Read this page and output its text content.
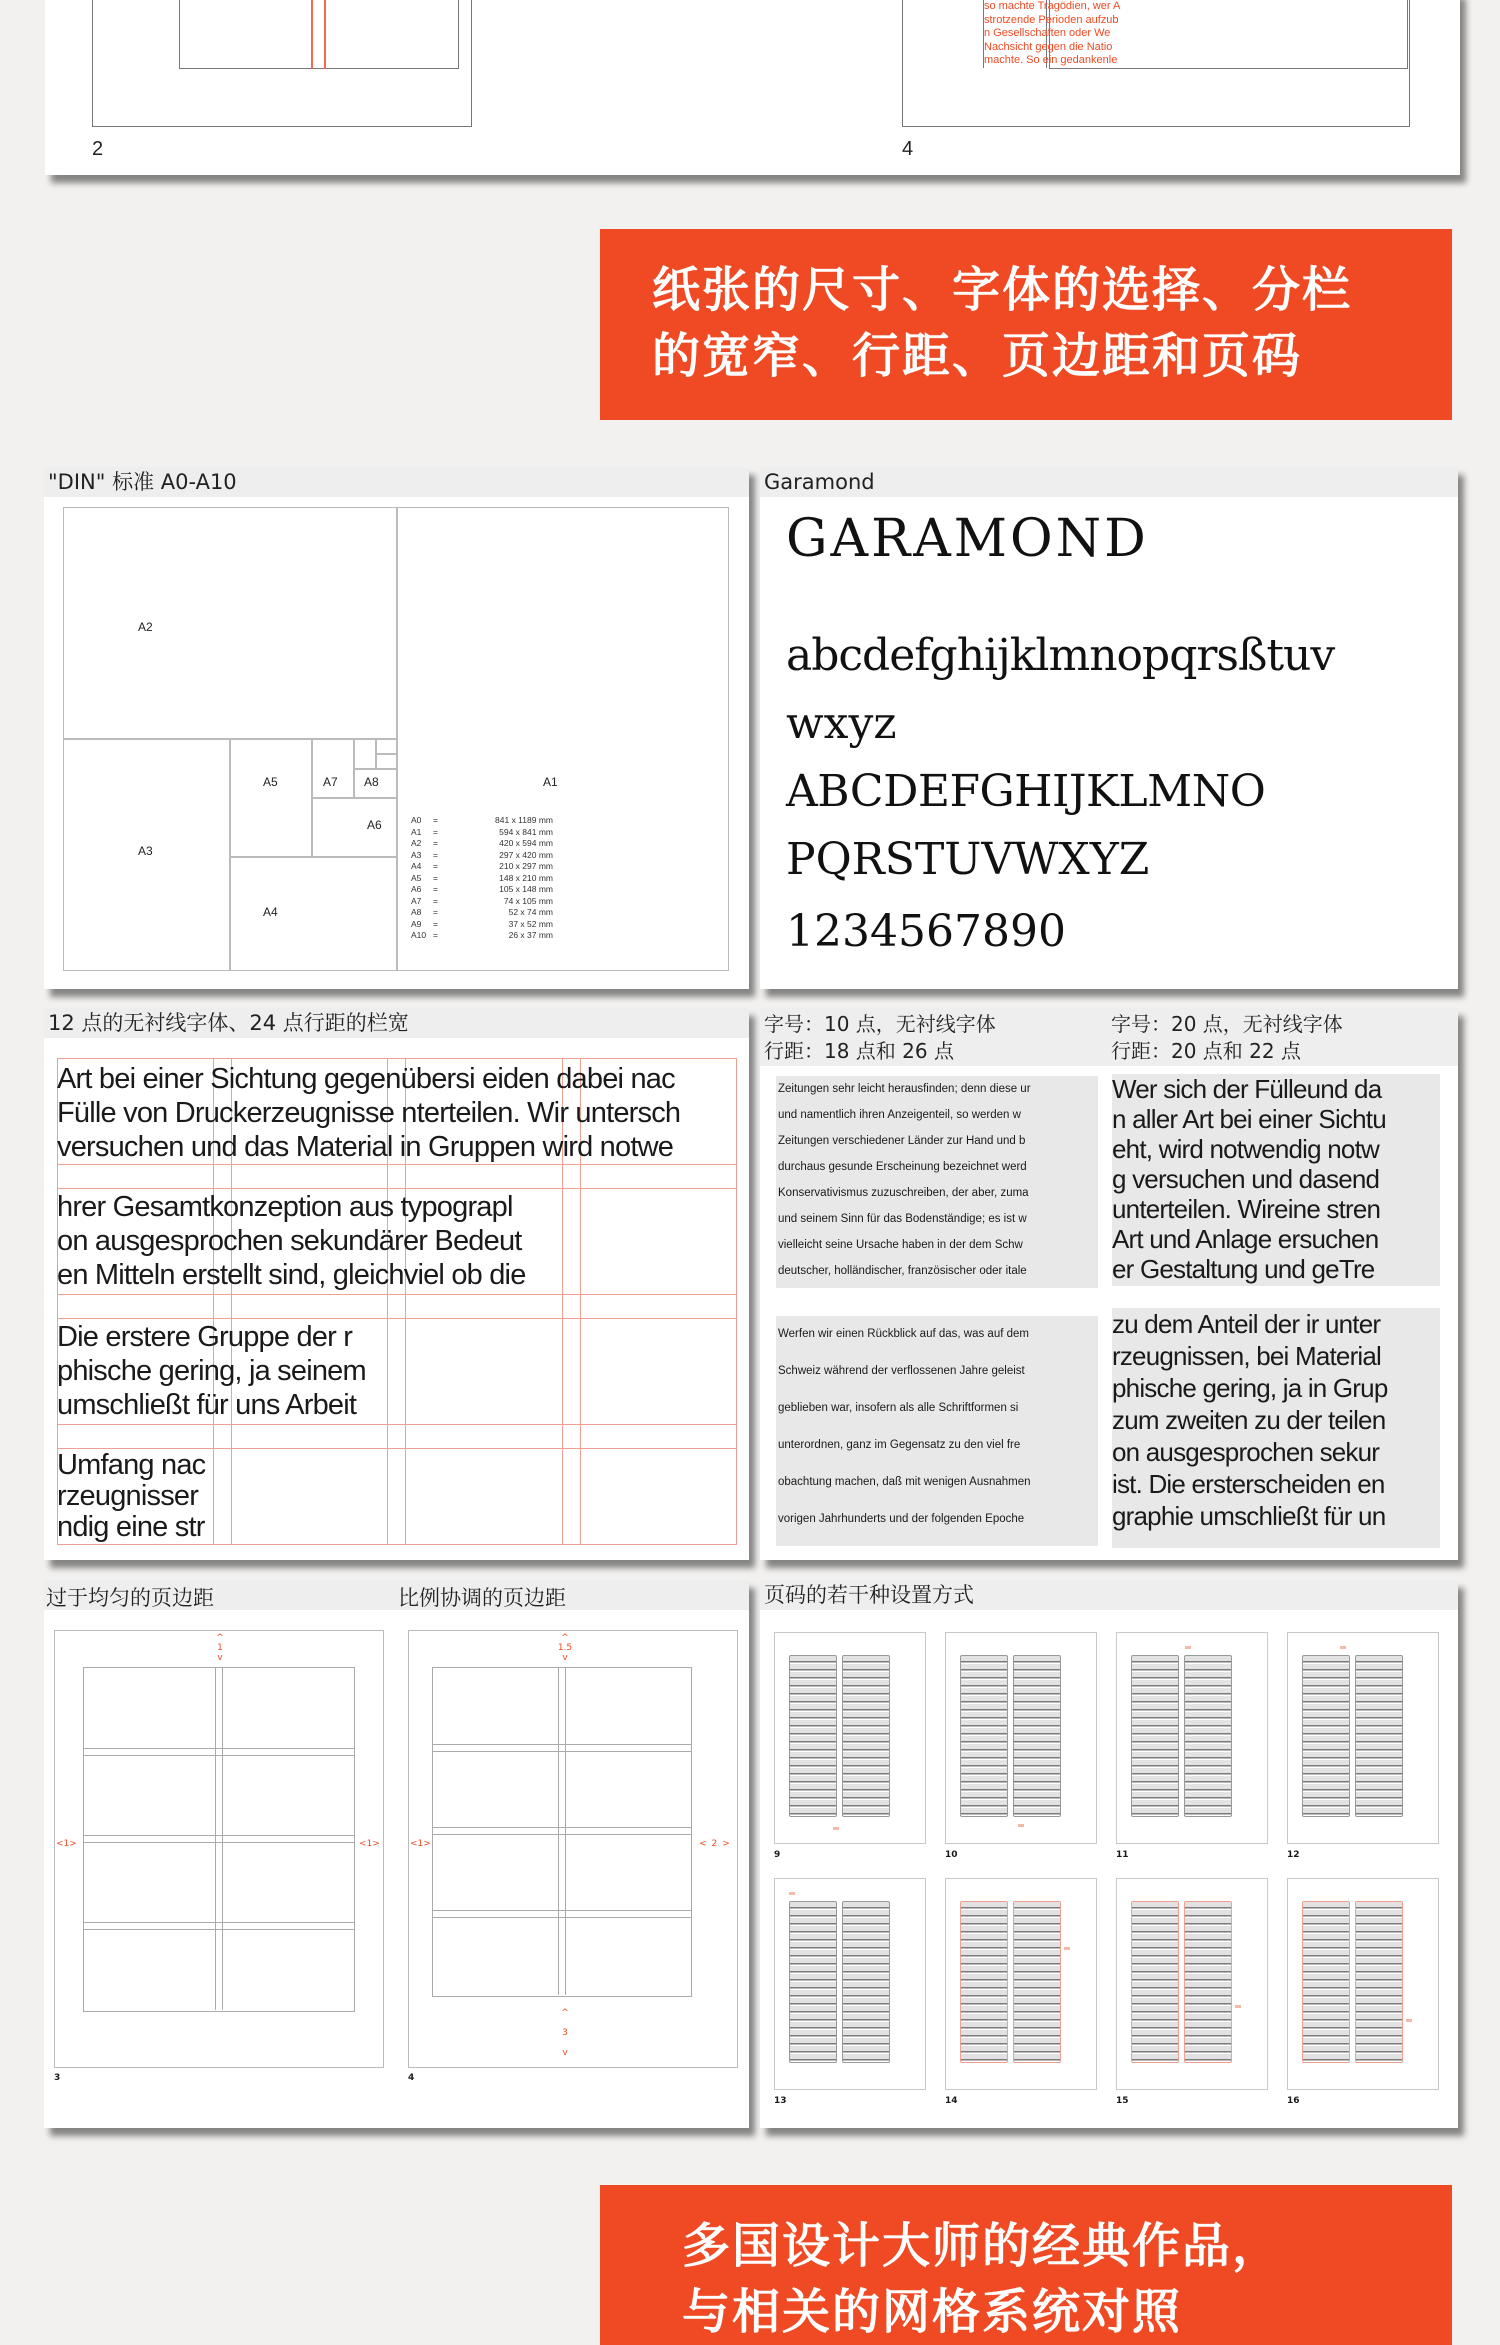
2
so machte Tragödien, wer A
strotzende Perioden aufzub
n Gesellschaften oder We
Nachsicht gegen die Natio
machte. So ein gedankenle
4
纸张的尺寸、字体的选择、分栏
的宽窄、行距、页边距和页码
"DIN" 标准 A0-A10
A1
A2
A3
A4
A5
A6
A7 A8
A0	=	841 x 1189 mm
A1	=	594 x 841 mm
A2	=	420 x 594 mm
A3	=	297 x 420 mm
A4	=	210 x 297 mm
A5	=	148 x 210 mm
A6	=	105 x 148 mm
A7	=	74 x 105 mm
A8	=	52 x 74 mm
A9	=	37 x 52 mm
A10 =	26 x 37 mm
Garamond
GARAMOND
abcdefghijklmnopqrsßtuv
wxyz
ABCDEFGHIJKLMNO
PQRSTUVWXYZ
1234567890
12 点的无衬线字体、24 点行距的栏宽
Art bei einer Sichtung gegenübersi eiden dabei nac
Fülle von Druckerzeugnisse nterteilen. Wir untersch
versuchen und das Material in Gruppen wird notwe
hrer Gesamtkonzeption aus typograpl
on ausgesprochen sekundärer Bedeut
en Mitteln erstellt sind, gleichviel ob die
Die erstere Gruppe der r
phische gering, ja seinem
umschließt für uns Arbeit
Umfang nac
rzeugnisser
ndig eine str
字号：10 点，无衬线字体
行距：18 点和 26 点
字号：20 点，无衬线字体
行距：20 点和 22 点
Zeitungen sehr leicht herausfinden; denn diese ur
und namentlich ihren Anzeigenteil, so werden w
Zeitungen verschiedener Länder zur Hand und b
durchaus gesunde Erscheinung bezeichnet werd
Konservativismus zuzuschreiben, der aber, zuma
und seinem Sinn für das Bodenständige; es ist w
vielleicht seine Ursache haben in der dem Schw
deutscher, holländischer, französischer oder itale
Werfen wir einen Rückblick auf das, was auf dem
Schweiz während der verflossenen Jahre geleist
geblieben war, insofern als alle Schriftformen si
unterordnen, ganz im Gegensatz zu den viel fre
obachtung machen, daß mit wenigen Ausnahmen
vorigen Jahrhunderts und der folgenden Epoche
Wer sich der Fülleund da
n aller Art bei einer Sichtu
eht, wird notwendig notw
g versuchen und dasend
unterteilen. Wireine stren
Art und Anlage ersuchen
er Gestaltung und geTre
zu dem Anteil der ir unter
rzeugnissen, bei Material
phische gering, ja in Grup
zum zweiten zu der teilen
on ausgesprochen sekur
ist. Die ersterscheiden en
graphie umschließt für un
过于均匀的页边距	比例协调的页边距
^
1
v
<1>	<1>
3
^
1.5
v
<1>	<2>
^
3
v
4
页码的若干种设置方式
9	10	11	12
13	14	15	16
多国设计大师的经典作品，
与相关的网格系统对照
